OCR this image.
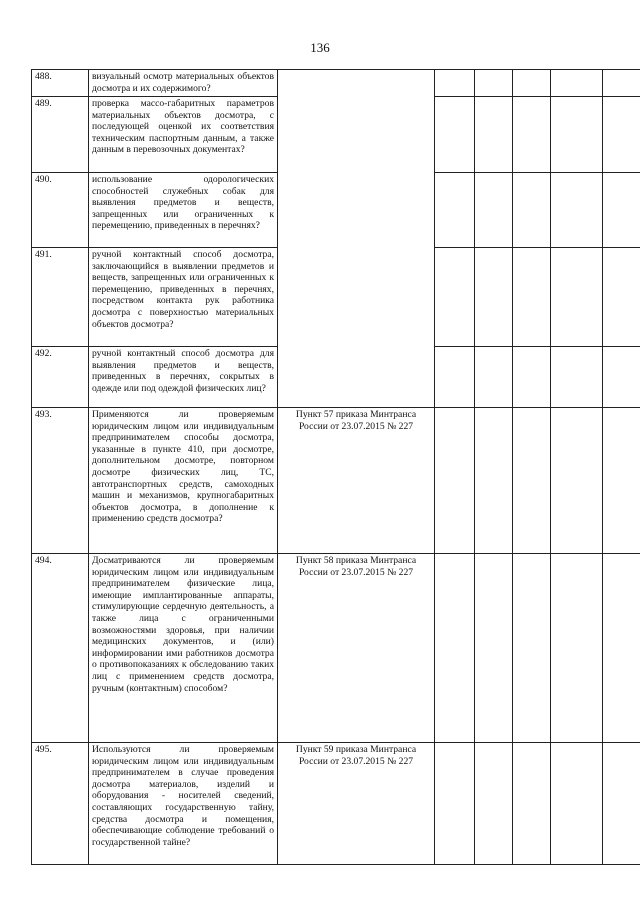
136
488.	визуальный осмотр материальных объектов досмотра и их содержимого?						
489.	проверка массо-габаритных параметров материальных объектов досмотра, с последующей оценкой их соответствия техническим паспортным данным, а также данным в перевозочных документах?						
490.	использование одорологических способностей служебных собак для выявления предметов и веществ, запрещенных или ограниченных к перемещению, приведенных в перечнях?						
491.	ручной контактный способ досмотра, заключающийся в выявлении предметов и веществ, запрещенных или ограниченных к перемещению, приведенных в перечнях, посредством контакта рук работника досмотра с поверхностью материальных объектов досмотра?						
492.	ручной контактный способ досмотра для выявления предметов и веществ, приведенных в перечнях, сокрытых в одежде или под одеждой физических лиц?						
493.	Применяются ли проверяемым юридическим лицом или индивидуальным предпринимателем способы досмотра, указанные в пункте 410, при досмотре, дополнительном досмотре, повторном досмотре физических лиц, ТС, автотранспортных средств, самоходных машин и механизмов, крупногабаритных объектов досмотра, в дополнение к применению средств досмотра?	Пункт 57 приказа Минтранса России от 23.07.2015 № 227					
494.	Досматриваются ли проверяемым юридическим лицом или индивидуальным предпринимателем физические лица, имеющие имплантированные аппараты, стимулирующие сердечную деятельность, а также лица с ограниченными возможностями здоровья, при наличии медицинских документов, и (или) информировании ими работников досмотра о противопоказаниях к обследованию таких лиц с применением средств досмотра, ручным (контактным) способом?	Пункт 58 приказа Минтранса России от 23.07.2015 № 227					
495.	Используются ли проверяемым юридическим лицом или индивидуальным предпринимателем в случае проведения досмотра материалов, изделий и оборудования - носителей сведений, составляющих государственную тайну, средства досмотра и помещения, обеспечивающие соблюдение требований о государственной тайне?	Пункт 59 приказа Минтранса России от 23.07.2015 № 227					
